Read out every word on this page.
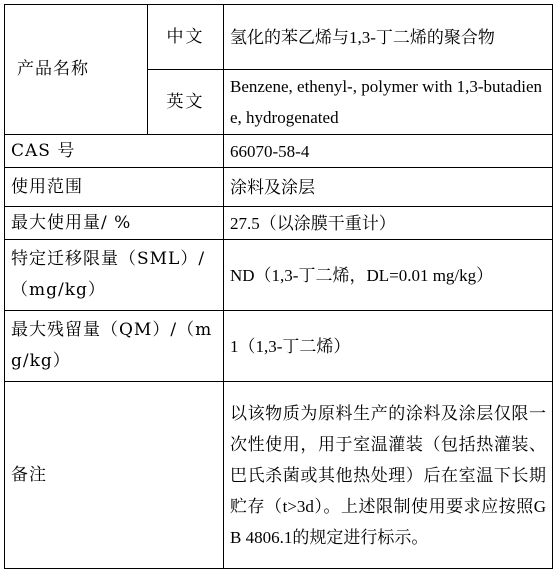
产品名称	中文	氢化的苯乙烯与1,3-丁二烯的聚合物
	英文	Benzene, ethenyl-, polymer with 1,3-butadiene, hydrogenated
CAS 号		66070-58-4
使用范围		涂料及涂层
最大使用量/ %		27.5（以涂膜干重计）
特定迁移限量（SML）/（mg/kg）		ND（1,3-丁二烯，DL=0.01 mg/kg）
最大残留量（QM）/（mg/kg）		1（1,3-丁二烯）
备注		以该物质为原料生产的涂料及涂层仅限一次性使用，用于室温灌装（包括热灌装、巴氏杀菌或其他热处理）后在室温下长期贮存（t>3d）。上述限制使用要求应按照GB 4806.1的规定进行标示。
